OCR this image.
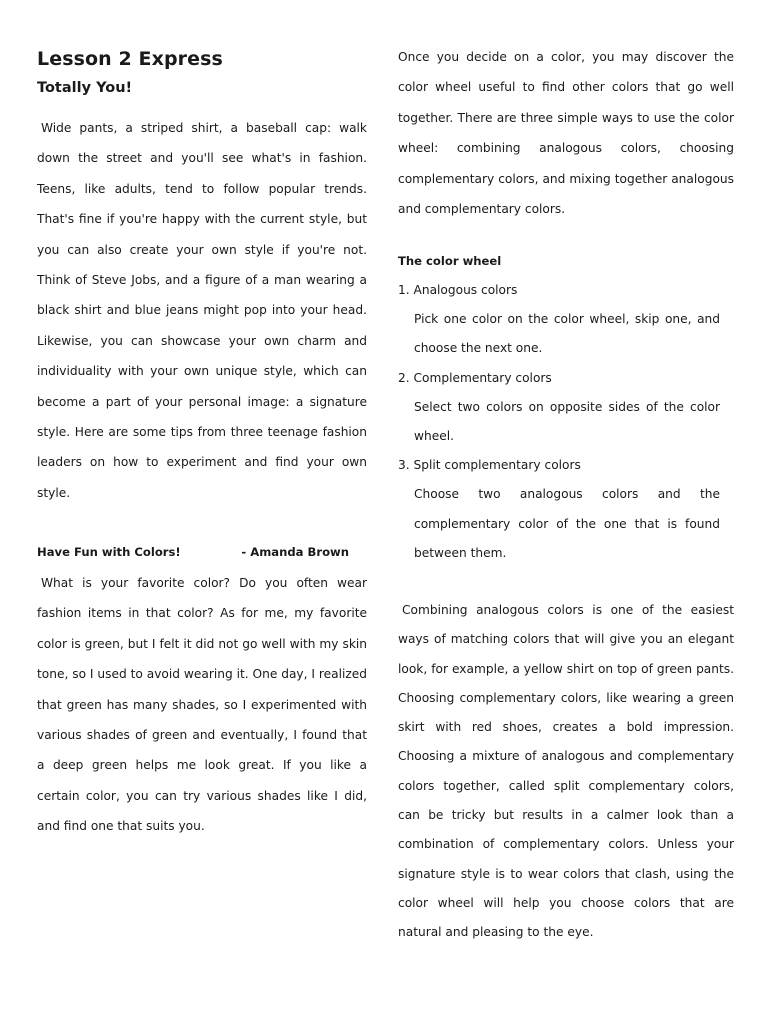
Lesson 2 Express
Totally You!

Wide pants, a striped shirt, a baseball cap: walk down the street and you'll see what's in fashion. Teens, like adults, tend to follow popular trends. That's fine if you're happy with the current style, but you can also create your own style if you're not. Think of Steve Jobs, and a figure of a man wearing a black shirt and blue jeans might pop into your head. Likewise, you can showcase your own charm and individuality with your own unique style, which can become a part of your personal image: a signature style. Here are some tips from three teenage fashion leaders on how to experiment and find your own style.

Have Fun with Colors!	- Amanda Brown

What is your favorite color? Do you often wear fashion items in that color? As for me, my favorite color is green, but I felt it did not go well with my skin tone, so I used to avoid wearing it. One day, I realized that green has many shades, so I experimented with various shades of green and eventually, I found that a deep green helps me look great. If you like a certain color, you can try various shades like I did, and find one that suits you.

Once you decide on a color, you may discover the color wheel useful to find other colors that go well together. There are three simple ways to use the color wheel: combining analogous colors, choosing complementary colors, and mixing together analogous and complementary colors.

The color wheel
1. Analogous colors
Pick one color on the color wheel, skip one, and choose the next one.
2. Complementary colors
Select two colors on opposite sides of the color wheel.
3. Split complementary colors
Choose two analogous colors and the complementary color of the one that is found between them.

Combining analogous colors is one of the easiest ways of matching colors that will give you an elegant look, for example, a yellow shirt on top of green pants. Choosing complementary colors, like wearing a green skirt with red shoes, creates a bold impression. Choosing a mixture of analogous and complementary colors together, called split complementary colors, can be tricky but results in a calmer look than a combination of complementary colors. Unless your signature style is to wear colors that clash, using the color wheel will help you choose colors that are natural and pleasing to the eye.
